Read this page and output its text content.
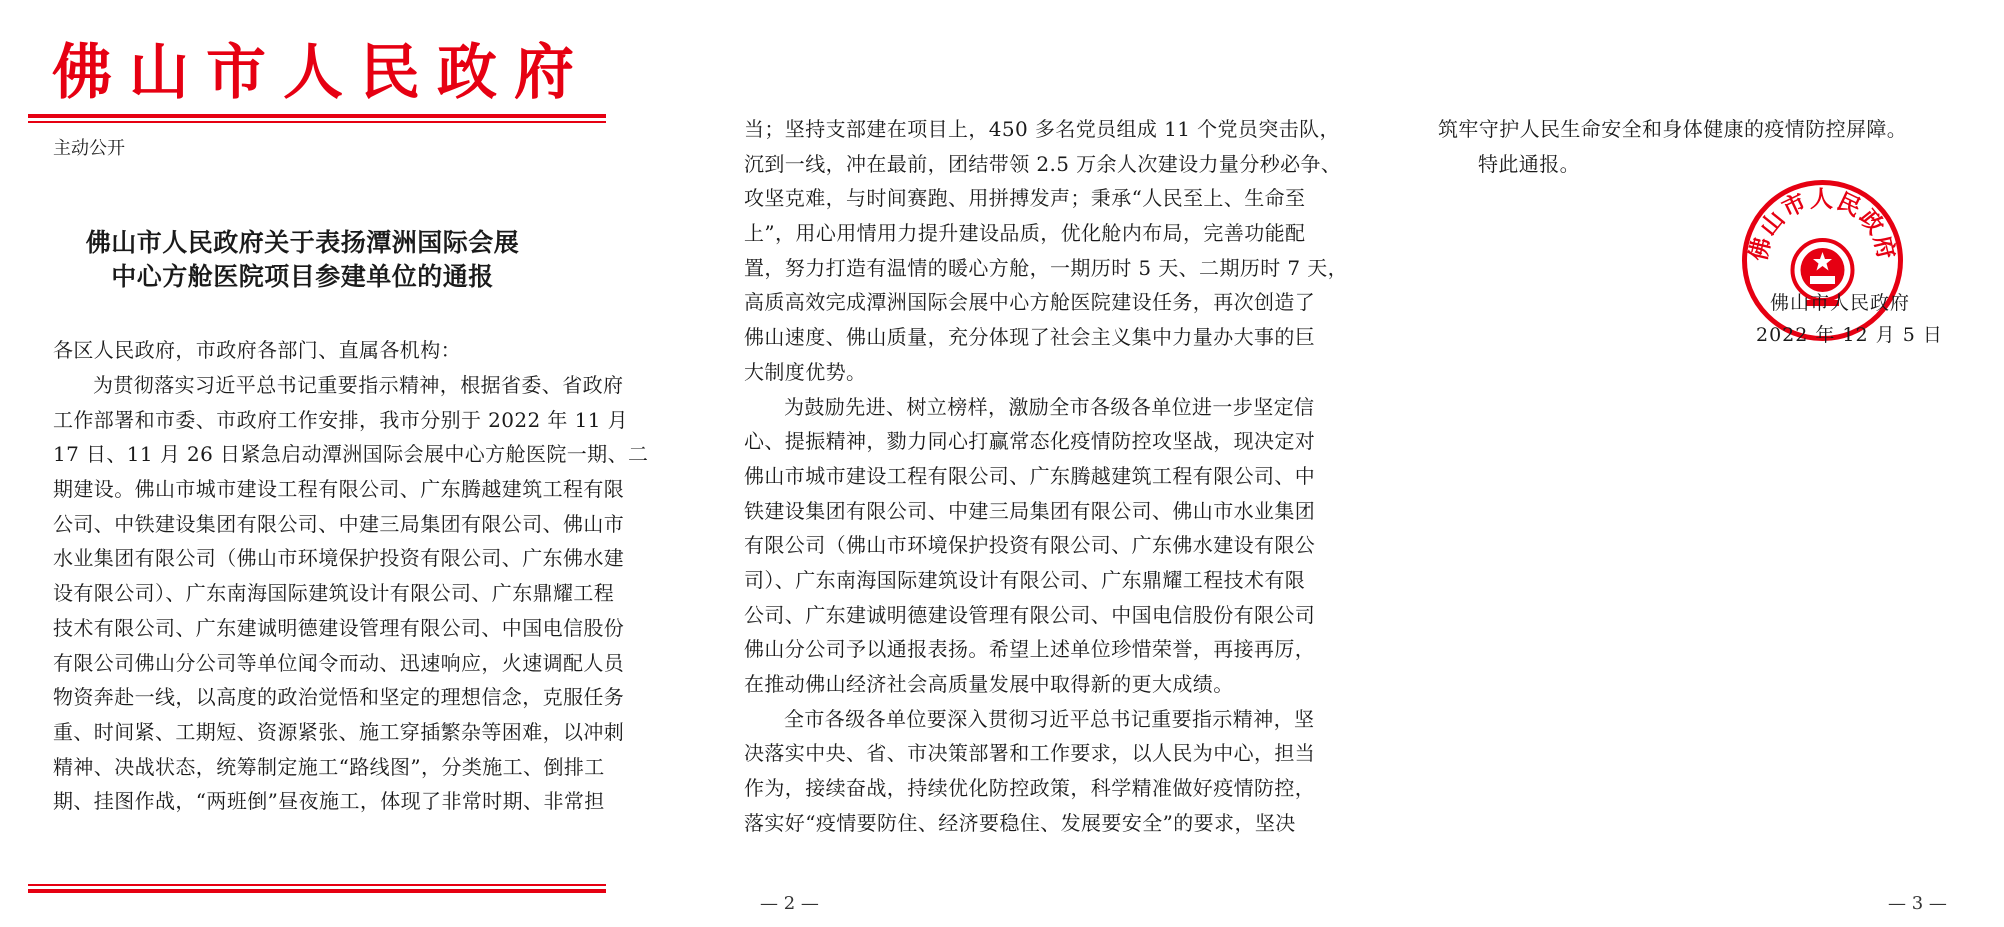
佛山市人民政府
主动公开
佛山市人民政府关于表扬潭洲国际会展
中心方舱医院项目参建单位的通报
各区人民政府，市政府各部门、直属各机构：
为贯彻落实习近平总书记重要指示精神，根据省委、省政府
工作部署和市委、市政府工作安排，我市分别于 2022 年 11 月
17 日、11 月 26 日紧急启动潭洲国际会展中心方舱医院一期、二
期建设。佛山市城市建设工程有限公司、广东腾越建筑工程有限
公司、中铁建设集团有限公司、中建三局集团有限公司、佛山市
水业集团有限公司（佛山市环境保护投资有限公司、广东佛水建
设有限公司）、广东南海国际建筑设计有限公司、广东鼎耀工程
技术有限公司、广东建诚明德建设管理有限公司、中国电信股份
有限公司佛山分公司等单位闻令而动、迅速响应，火速调配人员
物资奔赴一线，以高度的政治觉悟和坚定的理想信念，克服任务
重、时间紧、工期短、资源紧张、施工穿插繁杂等困难，以冲刺
精神、决战状态，统筹制定施工“路线图”，分类施工、倒排工
期、挂图作战，“两班倒”昼夜施工，体现了非常时期、非常担
当；坚持支部建在项目上，450 多名党员组成 11 个党员突击队，
沉到一线，冲在最前，团结带领 2.5 万余人次建设力量分秒必争、
攻坚克难，与时间赛跑、用拼搏发声；秉承“人民至上、生命至
上”，用心用情用力提升建设品质，优化舱内布局，完善功能配
置，努力打造有温情的暖心方舱，一期历时 5 天、二期历时 7 天，
高质高效完成潭洲国际会展中心方舱医院建设任务，再次创造了
佛山速度、佛山质量，充分体现了社会主义集中力量办大事的巨
大制度优势。
为鼓励先进、树立榜样，激励全市各级各单位进一步坚定信
心、提振精神，勠力同心打赢常态化疫情防控攻坚战，现决定对
佛山市城市建设工程有限公司、广东腾越建筑工程有限公司、中
铁建设集团有限公司、中建三局集团有限公司、佛山市水业集团
有限公司（佛山市环境保护投资有限公司、广东佛水建设有限公
司）、广东南海国际建筑设计有限公司、广东鼎耀工程技术有限
公司、广东建诚明德建设管理有限公司、中国电信股份有限公司
佛山分公司予以通报表扬。希望上述单位珍惜荣誉，再接再厉，
在推动佛山经济社会高质量发展中取得新的更大成绩。
全市各级各单位要深入贯彻习近平总书记重要指示精神，坚
决落实中央、省、市决策部署和工作要求，以人民为中心，担当
作为，接续奋战，持续优化防控政策，科学精准做好疫情防控，
落实好“疫情要防住、经济要稳住、发展要安全”的要求，坚决
— 2 —
筑牢守护人民生命安全和身体健康的疫情防控屏障。
特此通报。
— 3 —
佛山市人民政府
佛山市人民政府
2022 年 12 月 5 日
